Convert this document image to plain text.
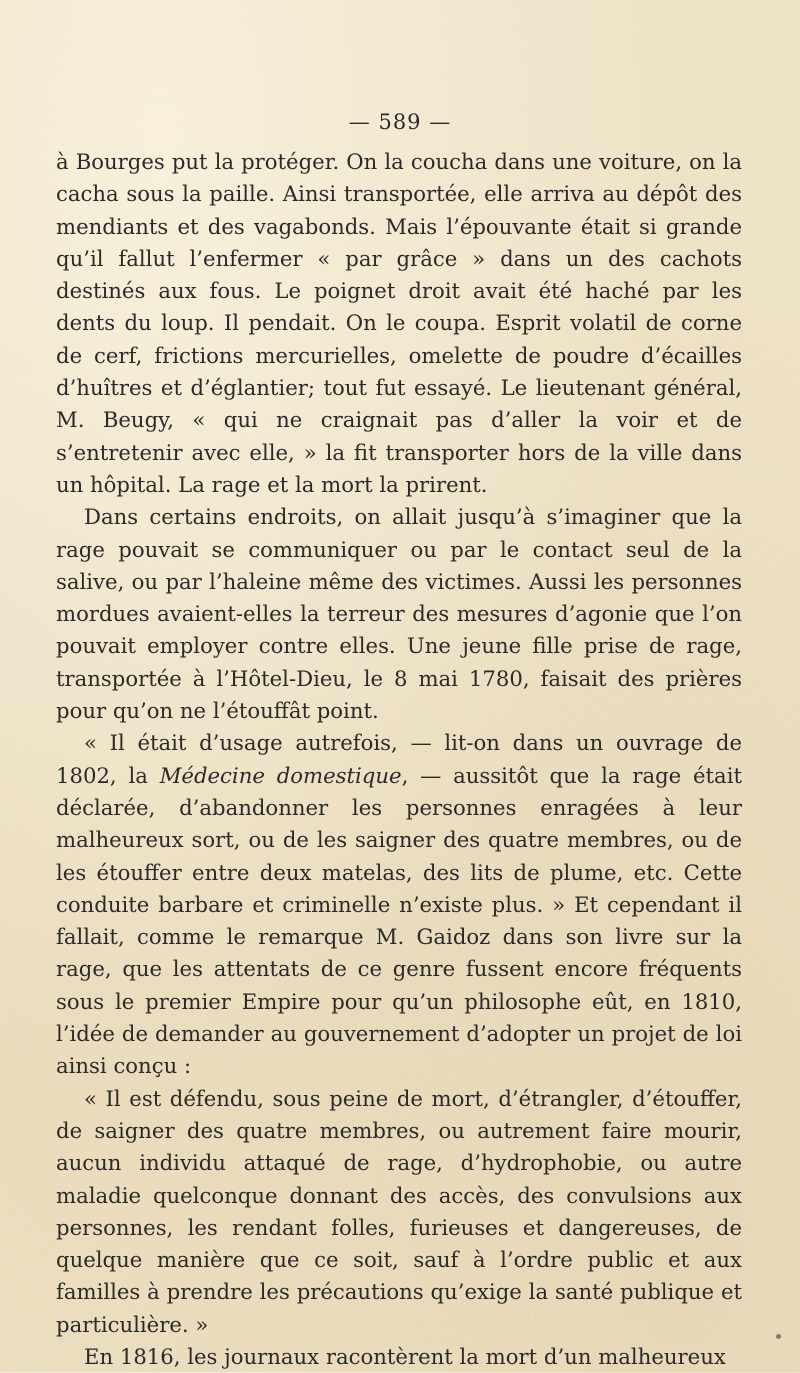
— 589 —

à Bourges put la protéger. On la coucha dans une voiture, on la cacha sous la paille. Ainsi transportée, elle arriva au dépôt des mendiants et des vagabonds. Mais l’épouvante était si grande qu’il fallut l’enfermer « par grâce » dans un des cachots destinés aux fous. Le poignet droit avait été haché par les dents du loup. Il pendait. On le coupa. Esprit volatil de corne de cerf, frictions mercurielles, omelette de poudre d’écailles d’huîtres et d’églantier; tout fut essayé. Le lieutenant général, M. Beugy, « qui ne craignait pas d’aller la voir et de s’entretenir avec elle, » la fit transporter hors de la ville dans un hôpital. La rage et la mort la prirent.

Dans certains endroits, on allait jusqu’à s’imaginer que la rage pouvait se communiquer ou par le contact seul de la salive, ou par l’haleine même des victimes. Aussi les personnes mordues avaient-elles la terreur des mesures d’agonie que l’on pouvait employer contre elles. Une jeune fille prise de rage, transportée à l’Hôtel-Dieu, le 8 mai 1780, faisait des prières pour qu’on ne l’étouffât point.

« Il était d’usage autrefois, — lit-on dans un ouvrage de 1802, la Médecine domestique, — aussitôt que la rage était déclarée, d’abandonner les personnes enragées à leur malheureux sort, ou de les saigner des quatre membres, ou de les étouffer entre deux matelas, des lits de plume, etc. Cette conduite barbare et criminelle n’existe plus. » Et cependant il fallait, comme le remarque M. Gaidoz dans son livre sur la rage, que les attentats de ce genre fussent encore fréquents sous le premier Empire pour qu’un philosophe eût, en 1810, l’idée de demander au gouvernement d’adopter un projet de loi ainsi conçu :

« Il est défendu, sous peine de mort, d’étrangler, d’étouffer, de saigner des quatre membres, ou autrement faire mourir, aucun individu attaqué de rage, d’hydrophobie, ou autre maladie quelconque donnant des accès, des convulsions aux personnes, les rendant folles, furieuses et dangereuses, de quelque manière que ce soit, sauf à l’ordre public et aux familles à prendre les précautions qu’exige la santé publique et particulière. »

En 1816, les journaux racontèrent la mort d’un malheureux
